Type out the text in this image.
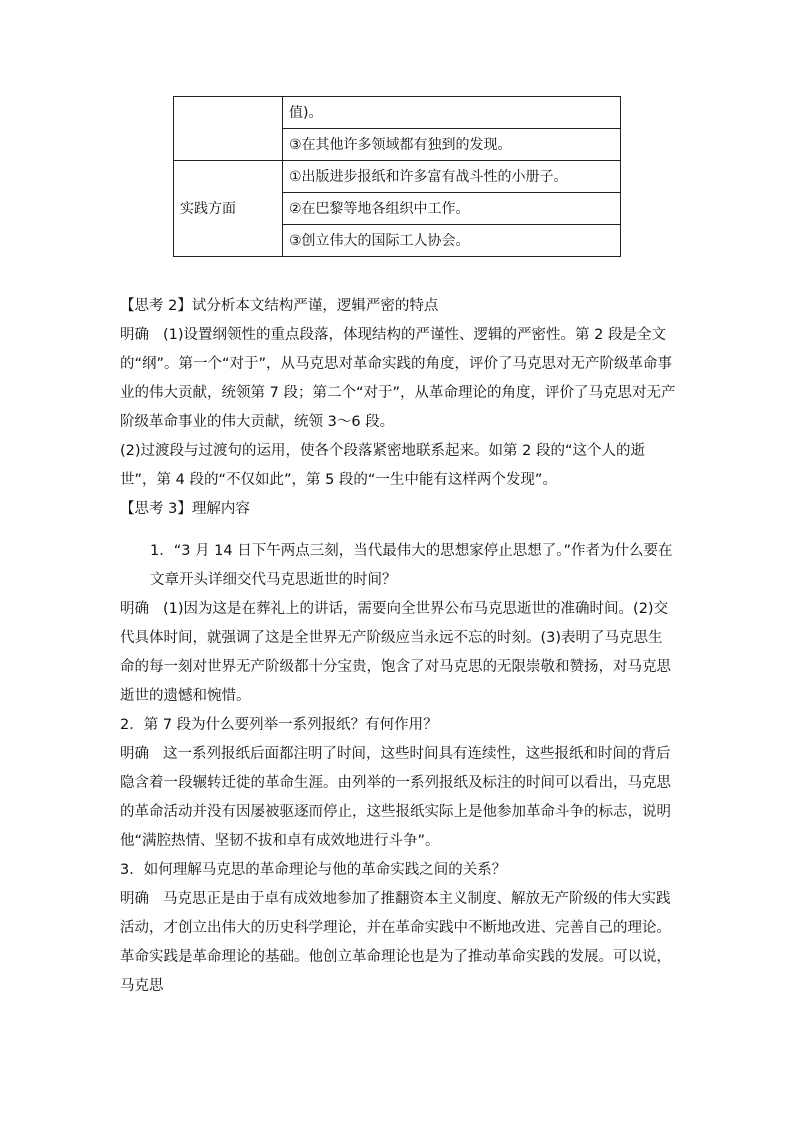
	值)。
	③在其他许多领域都有独到的发现。
实践方面	①出版进步报纸和许多富有战斗性的小册子。
	②在巴黎等地各组织中工作。
	③创立伟大的国际工人协会。

【思考 2】试分析本文结构严谨，逻辑严密的特点

明确 (1)设置纲领性的重点段落，体现结构的严谨性、逻辑的严密性。第 2 段是全文的“纲”。第一个“对于”，从马克思对革命实践的角度，评价了马克思对无产阶级革命事业的伟大贡献，统领第 7 段；第二个“对于”，从革命理论的角度，评价了马克思对无产阶级革命事业的伟大贡献，统领 3～6 段。

(2)过渡段与过渡句的运用，使各个段落紧密地联系起来。如第 2 段的“这个人的逝世”，第 4 段的“不仅如此”，第 5 段的“一生中能有这样两个发现”。

【思考 3】理解内容

1．“3 月 14 日下午两点三刻，当代最伟大的思想家停止思想了。”作者为什么要在文章开头详细交代马克思逝世的时间？

明确 (1)因为这是在葬礼上的讲话，需要向全世界公布马克思逝世的准确时间。(2)交代具体时间，就强调了这是全世界无产阶级应当永远不忘的时刻。(3)表明了马克思生命的每一刻对世界无产阶级都十分宝贵，饱含了对马克思的无限崇敬和赞扬，对马克思逝世的遗憾和惋惜。

2．第 7 段为什么要列举一系列报纸？有何作用？

明确 这一系列报纸后面都注明了时间，这些时间具有连续性，这些报纸和时间的背后隐含着一段辗转迁徙的革命生涯。由列举的一系列报纸及标注的时间可以看出，马克思的革命活动并没有因屡被驱逐而停止，这些报纸实际上是他参加革命斗争的标志，说明他“满腔热情、坚韧不拔和卓有成效地进行斗争”。

3．如何理解马克思的革命理论与他的革命实践之间的关系？

明确 马克思正是由于卓有成效地参加了推翻资本主义制度、解放无产阶级的伟大实践活动，才创立出伟大的历史科学理论，并在革命实践中不断地改进、完善自己的理论。革命实践是革命理论的基础。他创立革命理论也是为了推动革命实践的发展。可以说，马克思
